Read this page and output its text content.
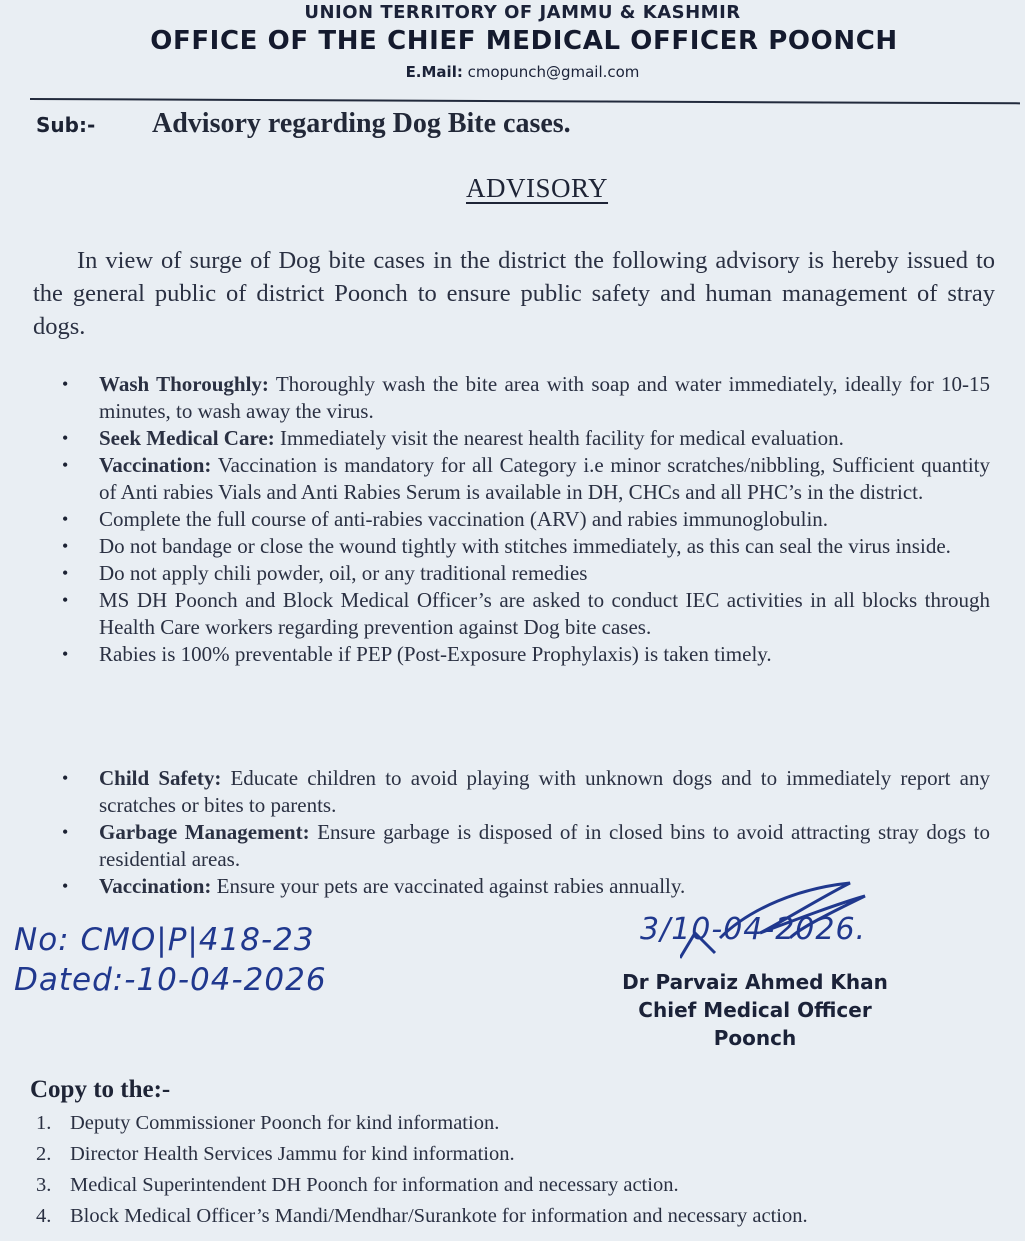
UNION TERRITORY OF JAMMU & KASHMIR
OFFICE OF THE CHIEF MEDICAL OFFICER POONCH
E.Mail: cmopunch@gmail.com
Sub:- Advisory regarding Dog Bite cases.
ADVISORY
In view of surge of Dog bite cases in the district the following advisory is hereby issued to the general public of district Poonch to ensure public safety and human management of stray dogs.
• Wash Thoroughly: Thoroughly wash the bite area with soap and water immediately, ideally for 10-15 minutes, to wash away the virus.
• Seek Medical Care: Immediately visit the nearest health facility for medical evaluation.
• Vaccination: Vaccination is mandatory for all Category i.e minor scratches/nibbling, Sufficient quantity of Anti rabies Vials and Anti Rabies Serum is available in DH, CHCs and all PHC’s in the district.
• Complete the full course of anti-rabies vaccination (ARV) and rabies immunoglobulin.
• Do not bandage or close the wound tightly with stitches immediately, as this can seal the virus inside.
• Do not apply chili powder, oil, or any traditional remedies
• MS DH Poonch and Block Medical Officer’s are asked to conduct IEC activities in all blocks through Health Care workers regarding prevention against Dog bite cases.
• Rabies is 100% preventable if PEP (Post-Exposure Prophylaxis) is taken timely.
• Child Safety: Educate children to avoid playing with unknown dogs and to immediately report any scratches or bites to parents.
• Garbage Management: Ensure garbage is disposed of in closed bins to avoid attracting stray dogs to residential areas.
• Vaccination: Ensure your pets are vaccinated against rabies annually.
No: CMO|P|418-23
Dated:-10-04-2026
3/10-04-2026.
Dr Parvaiz Ahmed Khan
Chief Medical Officer
Poonch
Copy to the:-
1. Deputy Commissioner Poonch for kind information.
2. Director Health Services Jammu for kind information.
3. Medical Superintendent DH Poonch for information and necessary action.
4. Block Medical Officer’s Mandi/Mendhar/Surankote for information and necessary action.
